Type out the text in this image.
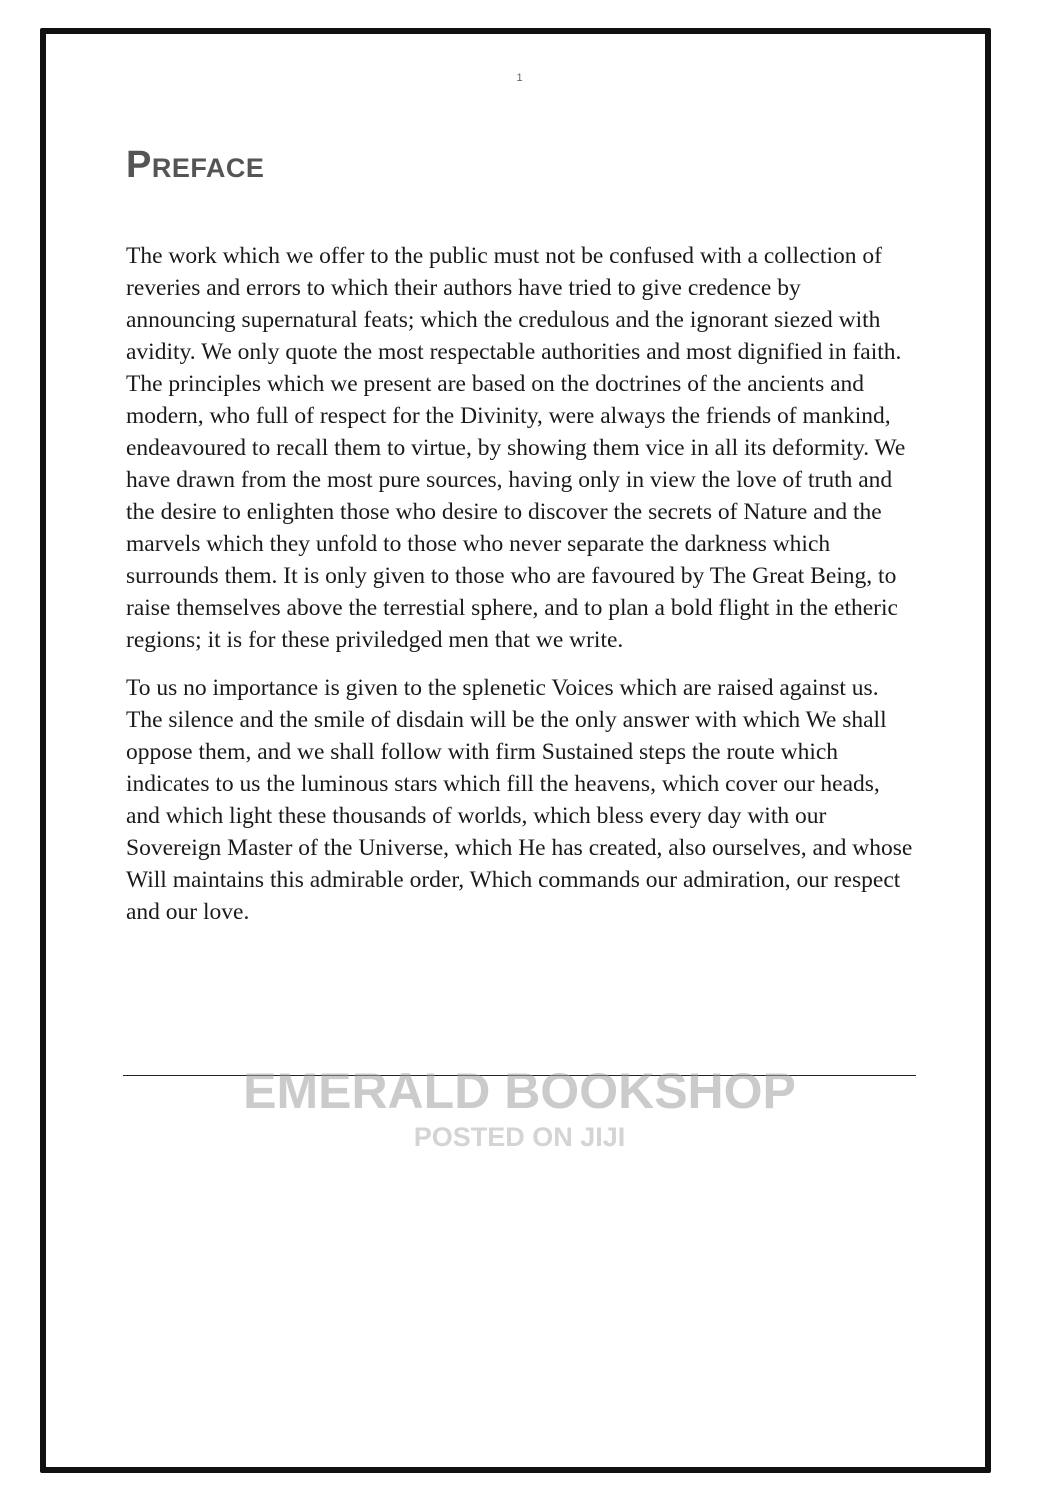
1
Preface

The work which we offer to the public must not be confused with a collection of reveries and errors to which their authors have tried to give credence by announcing supernatural feats; which the credulous and the ignorant siezed with avidity. We only quote the most respectable authorities and most dignified in faith. The principles which we present are based on the doctrines of the ancients and modern, who full of respect for the Divinity, were always the friends of mankind, endeavoured to recall them to virtue, by showing them vice in all its deformity. We have drawn from the most pure sources, having only in view the love of truth and the desire to enlighten those who desire to discover the secrets of Nature and the marvels which they unfold to those who never separate the darkness which surrounds them. It is only given to those who are favoured by The Great Being, to raise themselves above the terrestial sphere, and to plan a bold flight in the etheric regions; it is for these priviledged men that we write.

To us no importance is given to the splenetic Voices which are raised against us. The silence and the smile of disdain will be the only answer with which We shall oppose them, and we shall follow with firm Sustained steps the route which indicates to us the luminous stars which fill the heavens, which cover our heads, and which light these thousands of worlds, which bless every day with our Sovereign Master of the Universe, which He has created, also ourselves, and whose Will maintains this admirable order, Which commands our admiration, our respect and our love.

EMERALD BOOKSHOP
POSTED ON JIJI
